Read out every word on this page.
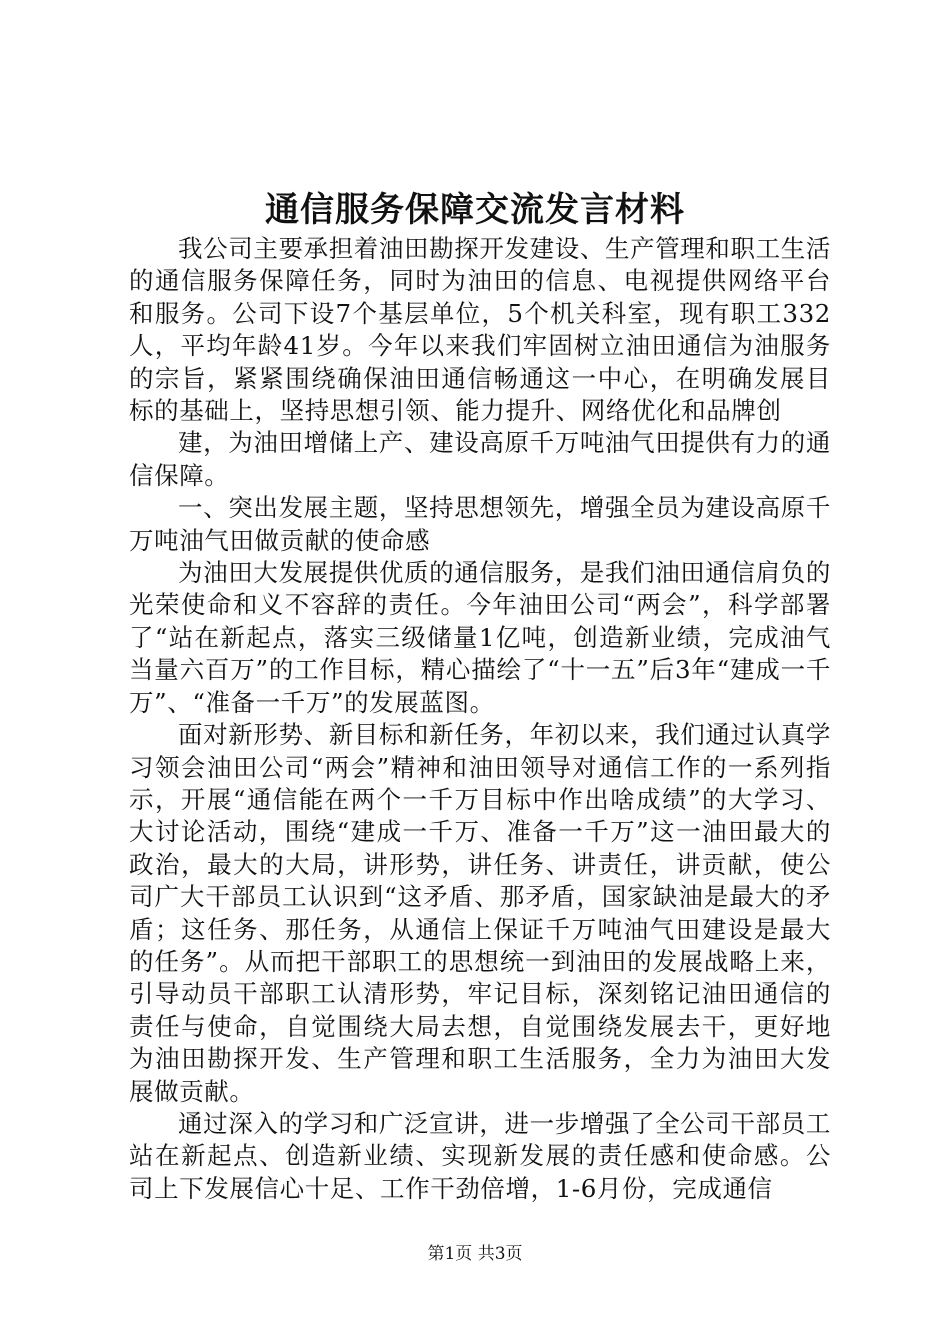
通信服务保障交流发言材料

我公司主要承担着油田勘探开发建设、生产管理和职工生活的通信服务保障任务，同时为油田的信息、电视提供网络平台和服务。公司下设7个基层单位，5个机关科室，现有职工332人，平均年龄41岁。今年以来我们牢固树立油田通信为油服务的宗旨，紧紧围绕确保油田通信畅通这一中心，在明确发展目标的基础上，坚持思想引领、能力提升、网络优化和品牌创

建，为油田增储上产、建设高原千万吨油气田提供有力的通信保障。

一、突出发展主题，坚持思想领先，增强全员为建设高原千万吨油气田做贡献的使命感

为油田大发展提供优质的通信服务，是我们油田通信肩负的光荣使命和义不容辞的责任。今年油田公司“两会”，科学部署了“站在新起点，落实三级储量1亿吨，创造新业绩，完成油气当量六百万”的工作目标，精心描绘了“十一五”后3年“建成一千万”、“准备一千万”的发展蓝图。

面对新形势、新目标和新任务，年初以来，我们通过认真学习领会油田公司“两会”精神和油田领导对通信工作的一系列指示，开展“通信能在两个一千万目标中作出啥成绩”的大学习、大讨论活动，围绕“建成一千万、准备一千万”这一油田最大的政治，最大的大局，讲形势，讲任务、讲责任，讲贡献，使公司广大干部员工认识到“这矛盾、那矛盾，国家缺油是最大的矛盾；这任务、那任务，从通信上保证千万吨油气田建设是最大的任务”。从而把干部职工的思想统一到油田的发展战略上来，引导动员干部职工认清形势，牢记目标，深刻铭记油田通信的责任与使命，自觉围绕大局去想，自觉围绕发展去干，更好地为油田勘探开发、生产管理和职工生活服务，全力为油田大发展做贡献。

通过深入的学习和广泛宣讲，进一步增强了全公司干部员工站在新起点、创造新业绩、实现新发展的责任感和使命感。公司上下发展信心十足、工作干劲倍增，1-6月份，完成通信

第1页 共3页
